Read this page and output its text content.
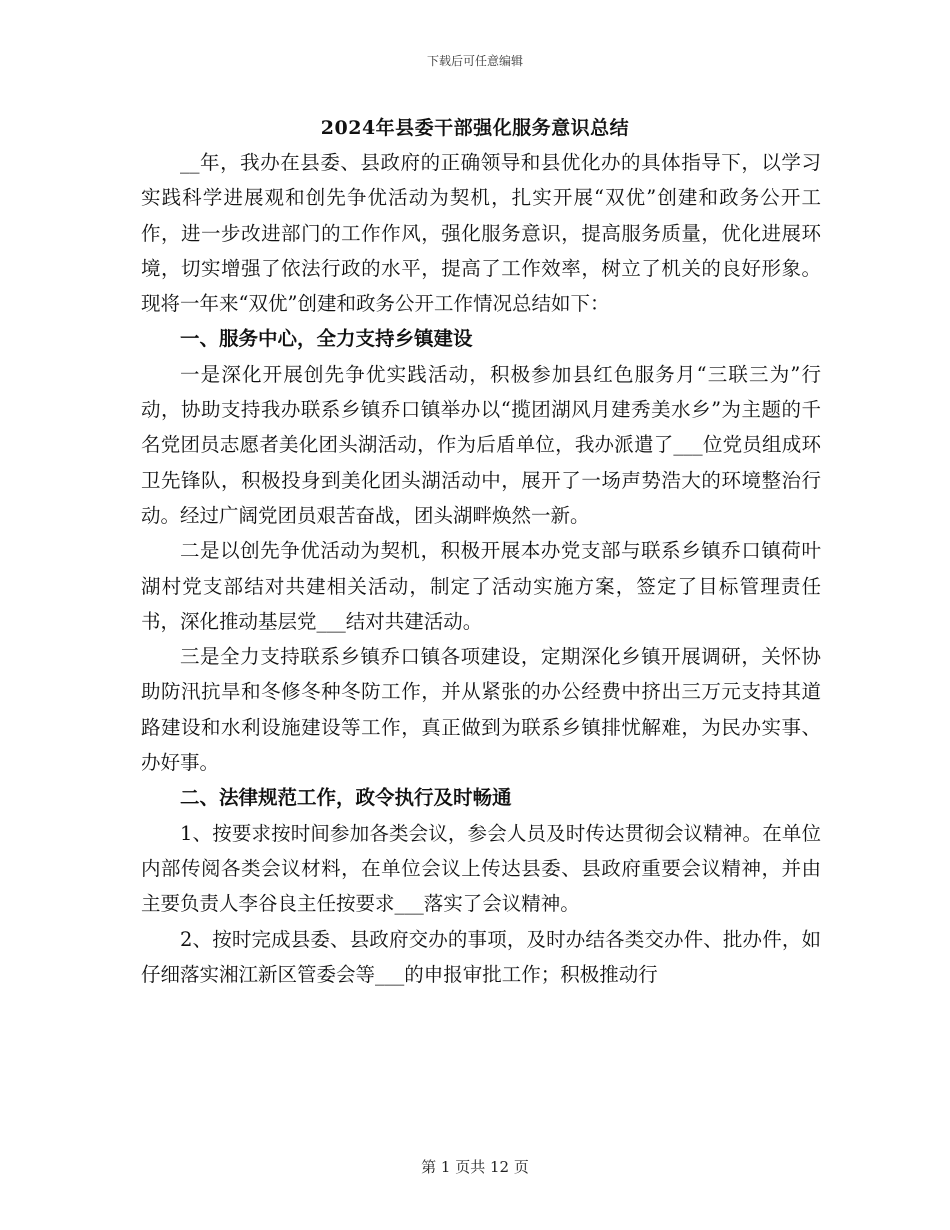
下载后可任意编辑
2024年县委干部强化服务意识总结

__年，我办在县委、县政府的正确领导和县优化办的具体指导下，以学习实践科学进展观和创先争优活动为契机，扎实开展“双优”创建和政务公开工作，进一步改进部门的工作作风，强化服务意识，提高服务质量，优化进展环境，切实增强了依法行政的水平，提高了工作效率，树立了机关的良好形象。现将一年来“双优”创建和政务公开工作情况总结如下：

一、服务中心，全力支持乡镇建设

一是深化开展创先争优实践活动，积极参加县红色服务月“三联三为”行动，协助支持我办联系乡镇乔口镇举办以“揽团湖风月建秀美水乡”为主题的千名党团员志愿者美化团头湖活动，作为后盾单位，我办派遣了___位党员组成环卫先锋队，积极投身到美化团头湖活动中，展开了一场声势浩大的环境整治行动。经过广阔党团员艰苦奋战，团头湖畔焕然一新。

二是以创先争优活动为契机，积极开展本办党支部与联系乡镇乔口镇荷叶湖村党支部结对共建相关活动，制定了活动实施方案，签定了目标管理责任书，深化推动基层党___结对共建活动。

三是全力支持联系乡镇乔口镇各项建设，定期深化乡镇开展调研，关怀协助防汛抗旱和冬修冬种冬防工作，并从紧张的办公经费中挤出三万元支持其道路建设和水利设施建设等工作，真正做到为联系乡镇排忧解难，为民办实事、办好事。

二、法律规范工作，政令执行及时畅通

1、按要求按时间参加各类会议，参会人员及时传达贯彻会议精神。在单位内部传阅各类会议材料，在单位会议上传达县委、县政府重要会议精神，并由主要负责人李谷良主任按要求___落实了会议精神。

2、按时完成县委、县政府交办的事项，及时办结各类交办件、批办件，如仔细落实湘江新区管委会等___的申报审批工作；积极推动行

第 1 页共 12 页
